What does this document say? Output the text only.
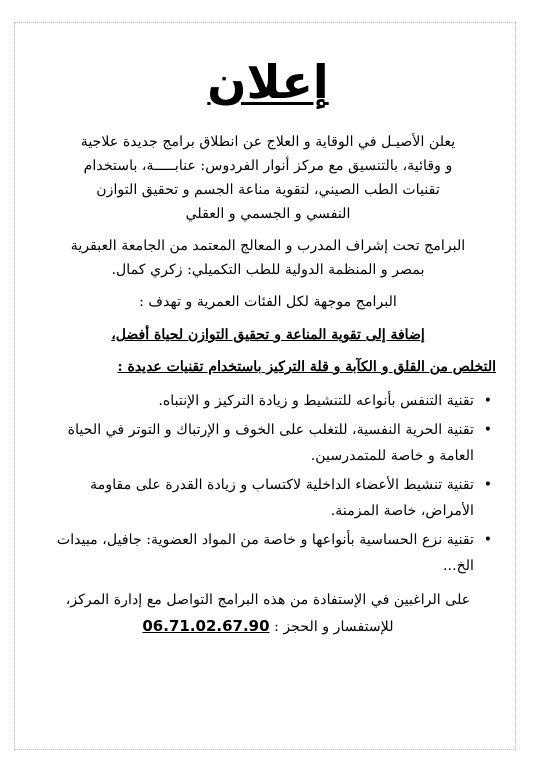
إعلان

يعلن الأصيـل في الوقاية و العلاج عن انطلاق برامج جديدة علاجية
و وقائية، بالتنسيق مع مركز أنوار الفردوس: عنابـــــة، باستخدام
تقنيات الطب الصيني، لتقوية مناعة الجسم و تحقيق التوازن
النفسي و الجسمي و العقلي

البرامج تحت إشراف المدرب و المعالج المعتمد من الجامعة العبقرية
بمصر و المنظمة الدولية للطب التكميلي: زكري كمال.

البرامج موجهة لكل الفئات العمرية و تهدف :

إضافة إلى تقوية المناعة و تحقيق التوازن لحياة أفضل،
التخلص من القلق و الكآبة و قلة التركيز باستخدام تقنيات عديدة :
•
تقنية التنفس بأنواعه للتنشيط و زيادة التركيز و الإنتباه.
•
تقنية الحرية النفسية، للتغلب على الخوف و الإرتباك و التوتر في الحياة العامة و خاصة للمتمدرسين.
•
تقنية تنشيط الأعضاء الداخلية لاكتساب و زيادة القدرة على مقاومة الأمراض، خاصة المزمنة.
•
تقنية نزع الحساسية بأنواعها و خاصة من المواد العضوية: جافيل، مبيدات الخ...
على الراغبين في الإستفادة من هذه البرامج التواصل مع إدارة المركز،
للإستفسار و الحجز : 06.71.02.67.90
